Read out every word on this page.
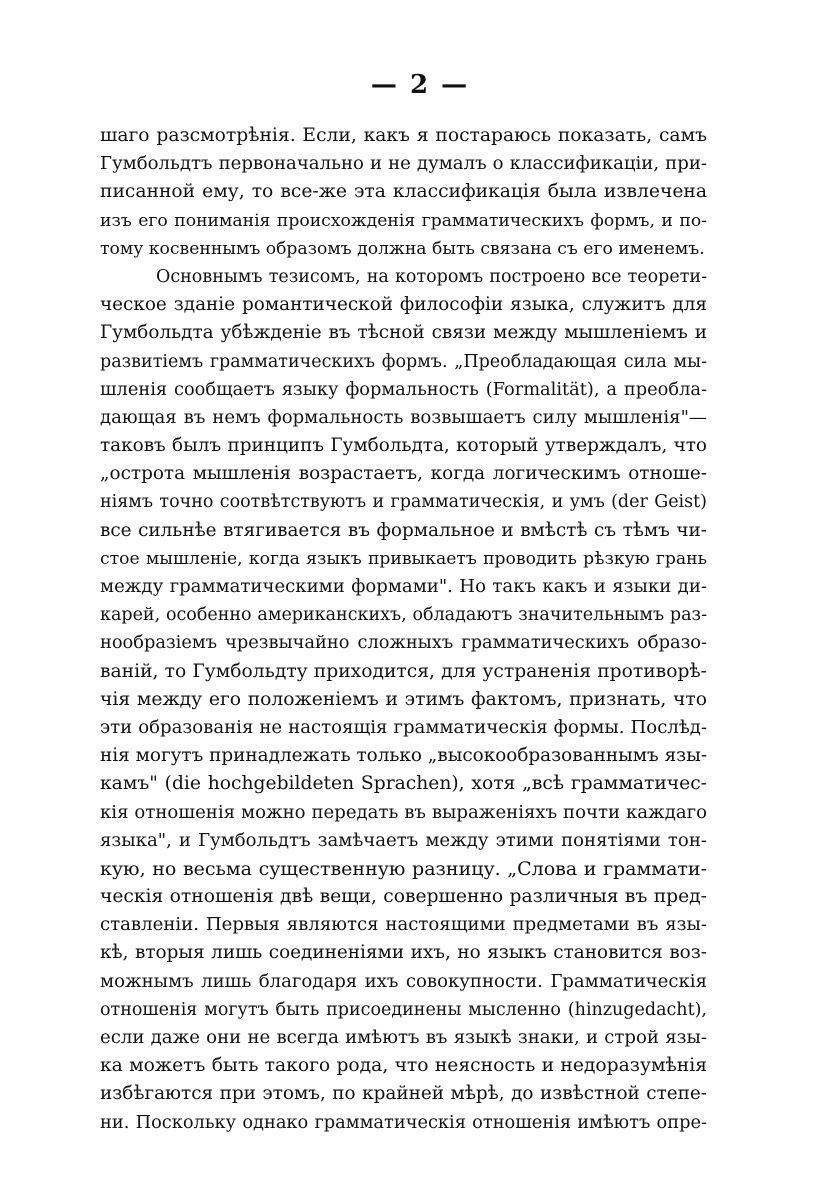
— 2 —
шаго разсмотрѣнія. Если, какъ я постараюсь показать, самъ
Гумбольдтъ первоначально и не думалъ о классификаціи, при-
писанной ему, то все-же эта классификація была извлечена
изъ его пониманія происхожденія грамматическихъ формъ, и по-
тому косвеннымъ образомъ должна быть связана съ его именемъ.
Основнымъ тезисомъ, на которомъ построено все теорети-
ческое зданіе романтической философіи языка, служитъ для
Гумбольдта убѣжденіе въ тѣсной связи между мышленіемъ и
развитіемъ грамматическихъ формъ. „Преобладающая сила мы-
шленія сообщаетъ языку формальность (Formalität), а преобла-
дающая въ немъ формальность возвышаетъ силу мышленія"—
таковъ былъ принципъ Гумбольдта, который утверждалъ, что
„острота мышленія возрастаетъ, когда логическимъ отноше-
ніямъ точно соотвѣтствуютъ и грамматическія, и умъ (der Geist)
все сильнѣе втягивается въ формальное и вмѣстѣ съ тѣмъ чи-
стое мышленіе, когда языкъ привыкаетъ проводить рѣзкую грань
между грамматическими формами". Но такъ какъ и языки ди-
карей, особенно американскихъ, обладаютъ значительнымъ раз-
нообразіемъ чрезвычайно сложныхъ грамматическихъ образо-
ваній, то Гумбольдту приходится, для устраненія противорѣ-
чія между его положеніемъ и этимъ фактомъ, признать, что
эти образованія не настоящія грамматическія формы. Послѣд-
нія могутъ принадлежать только „высокообразованнымъ язы-
камъ" (die hochgebildeten Sprachen), хотя „всѣ грамматичес-
кія отношенія можно передать въ выраженіяхъ почти каждаго
языка", и Гумбольдтъ замѣчаетъ между этими понятіями тон-
кую, но весьма существенную разницу. „Слова и граммати-
ческія отношенія двѣ вещи, совершенно различныя въ пред-
ставленіи. Первыя являются настоящими предметами въ язы-
кѣ, вторыя лишь соединеніями ихъ, но языкъ становится воз-
можнымъ лишь благодаря ихъ совокупности. Грамматическія
отношенія могутъ быть присоединены мысленно (hinzugedacht),
если даже они не всегда имѣютъ въ языкѣ знаки, и строй язы-
ка можетъ быть такого рода, что неясность и недоразумѣнія
избѣгаются при этомъ, по крайней мѣрѣ, до извѣстной степе-
ни. Поскольку однако грамматическія отношенія имѣютъ опре-
